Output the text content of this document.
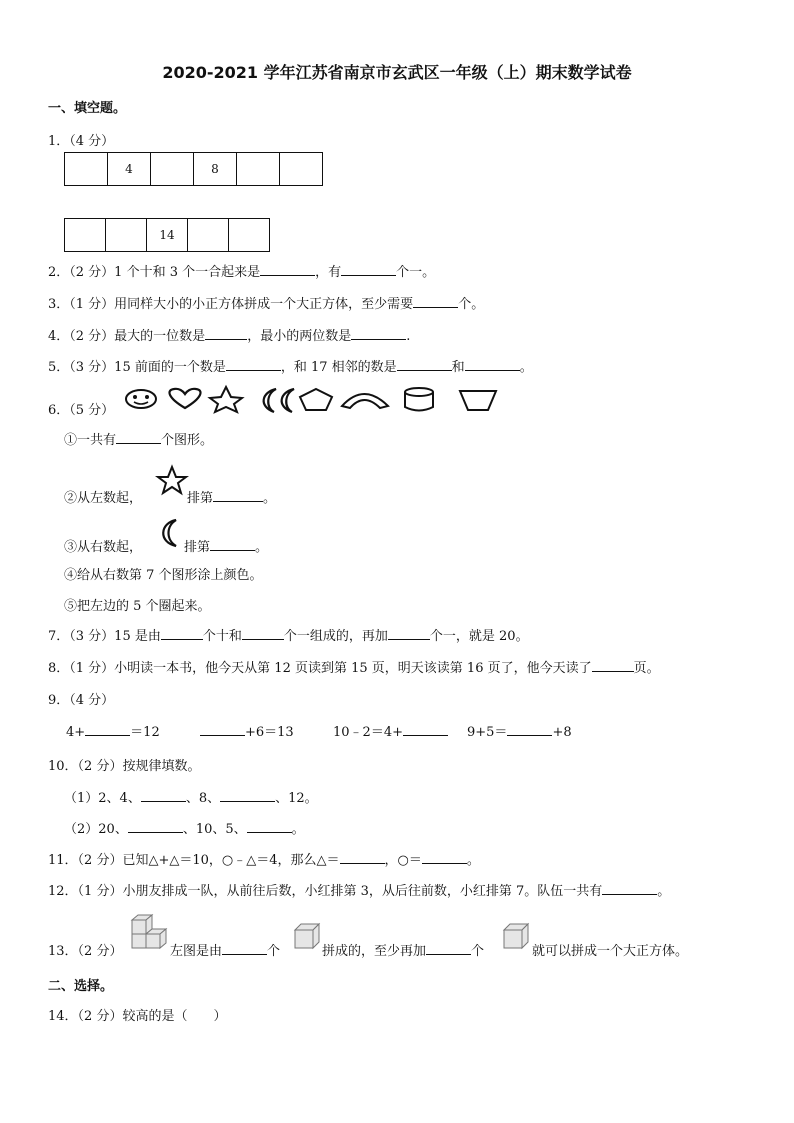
2020-2021 学年江苏省南京市玄武区一年级（上）期末数学试卷
一、填空题。
1．（4 分）
	4		8		
		14		
2．（2 分）1 个十和 3 个一合起来是	，有	个一。
3．（1 分）用同样大小的小正方体拼成一个大正方体，至少需要	个。
4．（2 分）最大的一位数是	，最小的两位数是	.
5．（3 分）15 前面的一个数是	，和 17 相邻的数是	和	。
6．（5 分）
①一共有	个图形。
②从左数起，	排第	。
③从右数起，	排第	。
④给从右数第 7 个图形涂上颜色。
⑤把左边的 5 个圈起来。
7．（3 分）15 是由	个十和	个一组成的，再加	个一，就是 20。
8．（1 分）小明读一本书，他今天从第 12 页读到第 15 页，明天该读第 16 页了，他今天读了	页。
9．（4 分）
4+	＝12	+6＝13	10﹣2＝4+	9+5＝	+8
10．（2 分）按规律填数。
（1）2、4、	、8、	、12。
（2）20、	、10、5、	。
11．（2 分）已知△+△＝10，○﹣△＝4，那么△＝	，○＝	。
12．（1 分）小朋友排成一队，从前往后数，小红排第 3，从后往前数，小红排第 7。队伍一共有	。
13．（2 分）	左图是由	个	拼成的，至少再加	个	就可以拼成一个大正方体。
二、选择。
14．（2 分）较高的是（　　）
